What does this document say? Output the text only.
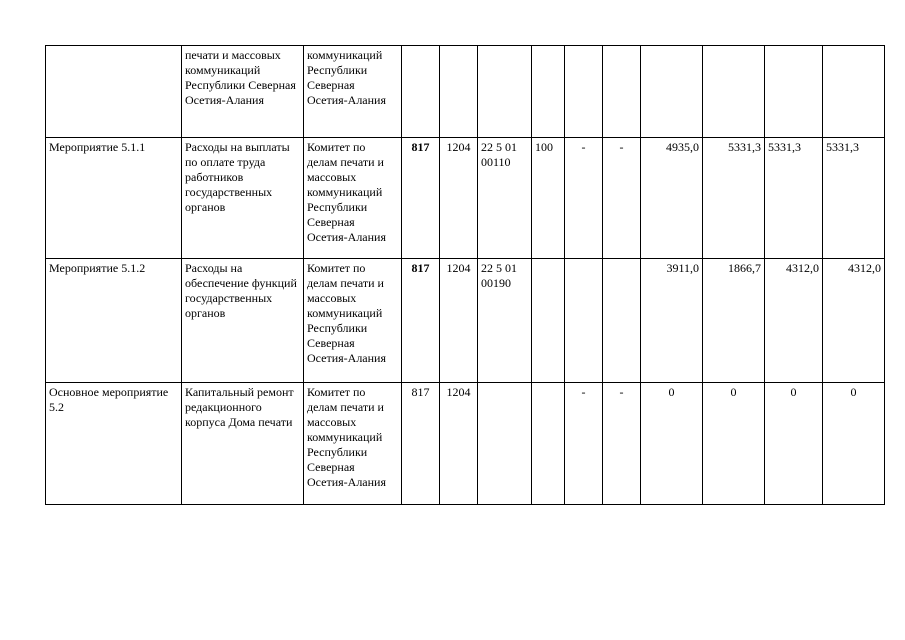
	печати и массовых коммуникаций Республики Северная Осетия-Алания	коммуникаций Республики Северная Осетия-Алания										
Мероприятие 5.1.1	Расходы на выплаты по оплате труда работников государственных органов	Комитет по делам печати и массовых коммуникаций Республики Северная Осетия-Алания	817	1204	22 5 01 00110	100	-	-	4935,0	5331,3	5331,3	5331,3
Мероприятие 5.1.2	Расходы на обеспечение функций государственных органов	Комитет по делам печати и массовых коммуникаций Республики Северная Осетия-Алания	817	1204	22 5 01 00190				3911,0	1866,7	4312,0	4312,0
Основное мероприятие 5.2	Капитальный ремонт редакционного корпуса Дома печати	Комитет по делам печати и массовых коммуникаций Республики Северная Осетия-Алания	817	1204			-	-	0	0	0	0
